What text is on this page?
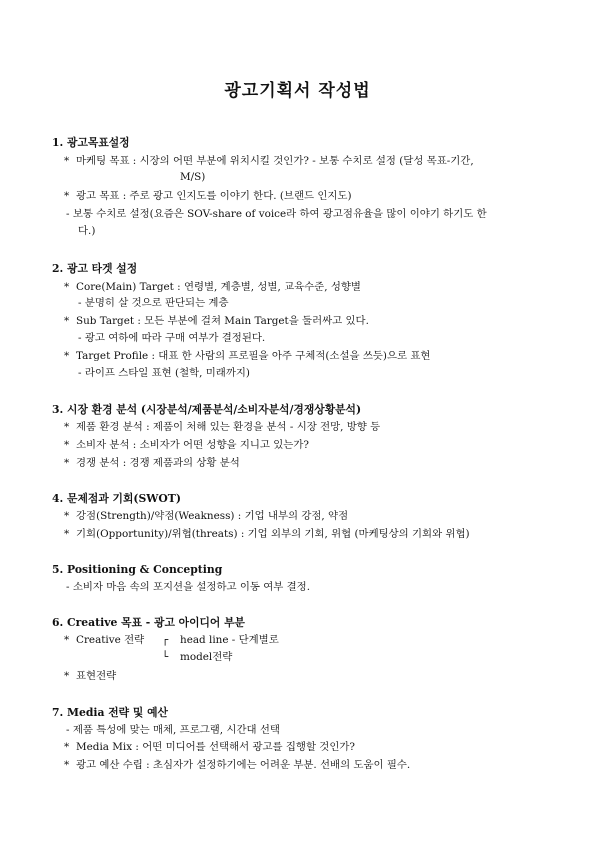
광고기획서 작성법
1. 광고목표설정
* 마케팅 목표 : 시장의 어떤 부분에 위치시킬 것인가? - 보통 수치로 설정 (달성 목표-기간,
M/S)
* 광고 목표 : 주로 광고 인지도를 이야기 한다. (브랜드 인지도)
- 보통 수치로 설정(요즘은 SOV-share of voice라 하여 광고점유율을 많이 이야기 하기도 한
다.)
2. 광고 타겟 설정
* Core(Main) Target : 연령별, 계층별, 성별, 교육수준, 성향별
- 분명히 살 것으로 판단되는 계층
* Sub Target : 모든 부분에 걸쳐 Main Target을 둘러싸고 있다.
- 광고 여하에 따라 구매 여부가 결정된다.
* Target Profile : 대표 한 사람의 프로필을 아주 구체적(소설을 쓰듯)으로 표현
- 라이프 스타일 표현 (철학, 미래까지)
3. 시장 환경 분석 (시장분석/제품분석/소비자분석/경쟁상황분석)
* 제품 환경 분석 : 제품이 처해 있는 환경을 분석 - 시장 전망, 방향 등
* 소비자 분석 : 소비자가 어떤 성향을 지니고 있는가?
* 경쟁 분석 : 경쟁 제품과의 상황 분석
4. 문제점과 기회(SWOT)
* 강점(Strength)/약점(Weakness) : 기업 내부의 강점, 약점
* 기회(Opportunity)/위협(threats) : 기업 외부의 기회, 위협 (마케팅상의 기회와 위협)
5. Positioning & Concepting
- 소비자 마음 속의 포지션을 설정하고 이동 여부 결정.
6. Creative 목표 - 광고 아이디어 부분
* Creative 전략 ┌ head line - 단계별로
└ model전략
* 표현전략
7. Media 전략 및 예산
- 제품 특성에 맞는 매체, 프로그램, 시간대 선택
* Media Mix : 어떤 미디어를 선택해서 광고를 집행할 것인가?
* 광고 예산 수립 : 초심자가 설정하기에는 어려운 부분. 선배의 도움이 필수.
